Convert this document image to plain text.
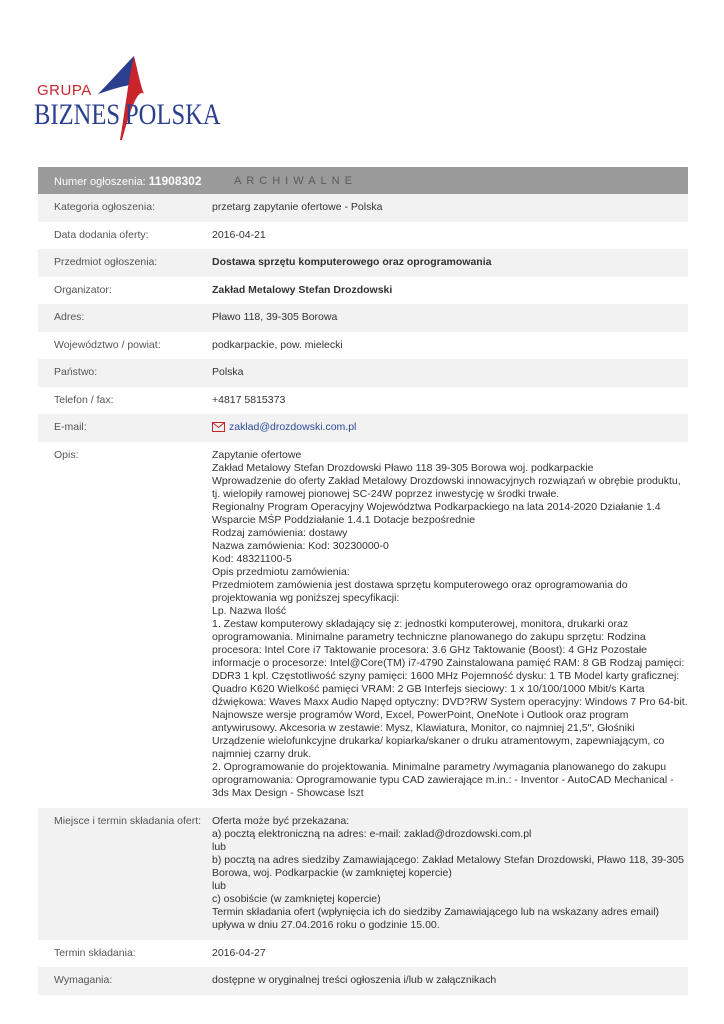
GRUPA
BIZNES POLSKA
Numer ogłoszenia: 11908302	ARCHIWALNE
Kategoria ogłoszenia:	przetarg zapytanie ofertowe - Polska
Data dodania oferty:	2016-04-21
Przedmiot ogłoszenia:	Dostawa sprzętu komputerowego oraz oprogramowania
Organizator:	Zakład Metalowy Stefan Drozdowski
Adres:	Pławo 118, 39-305 Borowa
Województwo / powiat:	podkarpackie, pow. mielecki
Państwo:	Polska
Telefon / fax:	+4817 5815373
E-mail:	zaklad@drozdowski.com.pl
Opis:	Zapytanie ofertowe
Zakład Metalowy Stefan Drozdowski Pławo 118 39-305 Borowa woj. podkarpackie
Wprowadzenie do oferty Zakład Metalowy Drozdowski innowacyjnych rozwiązań w obrębie produktu, tj. wielopiły ramowej pionowej SC-24W poprzez inwestycję w środki trwałe.
Regionalny Program Operacyjny Województwa Podkarpackiego na lata 2014-2020 Działanie 1.4 Wsparcie MŚP Poddziałanie 1.4.1 Dotacje bezpośrednie
Rodzaj zamówienia: dostawy
Nazwa zamówienia: Kod: 30230000-0
Kod: 48321100-5
Opis przedmiotu zamówienia:
Przedmiotem zamówienia jest dostawa sprzętu komputerowego oraz oprogramowania do projektowania wg poniższej specyfikacji:
Lp. Nazwa Ilość
1. Zestaw komputerowy składający się z: jednostki komputerowej, monitora, drukarki oraz oprogramowania. Minimalne parametry techniczne planowanego do zakupu sprzętu: Rodzina procesora: Intel Core i7 Taktowanie procesora: 3.6 GHz Taktowanie (Boost): 4 GHz Pozostałe informacje o procesorze: Intel@Core(TM) i7-4790 Zainstalowana pamięć RAM: 8 GB Rodzaj pamięci: DDR3 1 kpl. Częstotliwość szyny pamięci: 1600 MHz Pojemność dysku: 1 TB Model karty graficznej: Quadro K620 Wielkość pamięci VRAM: 2 GB Interfejs sieciowy: 1 x 10/100/1000 Mbit/s Karta dźwiękowa: Waves Maxx Audio Napęd optyczny: DVD?RW System operacyjny: Windows 7 Pro 64-bit. Najnowsze wersje programów Word, Excel, PowerPoint, OneNote i Outlook oraz program antywirusowy. Akcesoria w zestawie: Mysz, Klawiatura, Monitor, co najmniej 21,5", Głośniki Urządzenie wielofunkcyjne drukarka/ kopiarka/skaner o druku atramentowym, zapewniającym, co najmniej czarny druk.
2. Oprogramowanie do projektowania. Minimalne parametry /wymagania planowanego do zakupu oprogramowania: Oprogramowanie typu CAD zawierające m.in.: - Inventor - AutoCAD Mechanical - 3ds Max Design - Showcase lszt
Miejsce i termin składania ofert:	Oferta może być przekazana:
a) pocztą elektroniczną na adres: e-mail: zaklad@drozdowski.com.pl
lub
b) pocztą na adres siedziby Zamawiającego: Zakład Metalowy Stefan Drozdowski, Pławo 118, 39-305 Borowa, woj. Podkarpackie (w zamkniętej kopercie)
lub
c) osobiście (w zamkniętej kopercie)
Termin składania ofert (wpłynięcia ich do siedziby Zamawiającego lub na wskazany adres email) upływa w dniu 27.04.2016 roku o godzinie 15.00.
Termin składania:	2016-04-27
Wymagania:	dostępne w oryginalnej treści ogłoszenia i/lub w załącznikach
